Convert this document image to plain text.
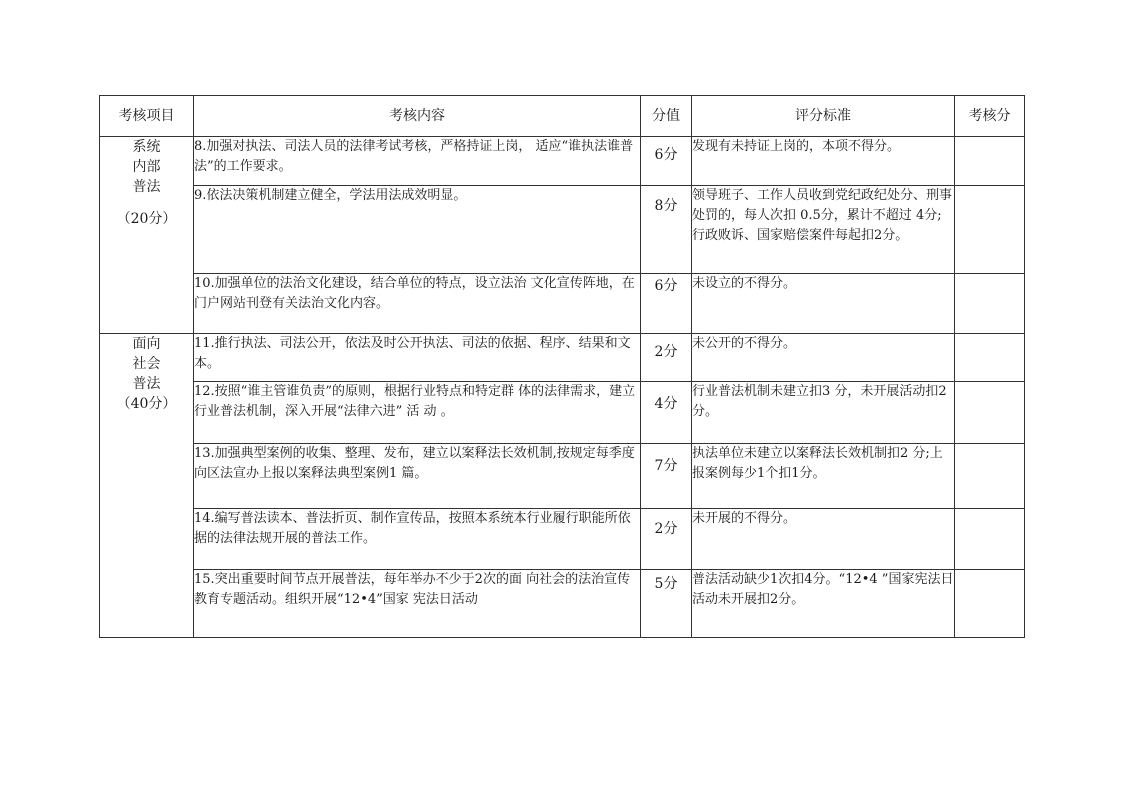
考核项目	考核内容	分值	评分标准	考核分

系统
内部
普法
（20分）	8.加强对执法、司法人员的法律考试考核，严格持证上岗， 适应“谁执法谁普法”的工作要求。	6分	发现有未持证上岗的，本项不得分。	
	9.依法决策机制建立健全，学法用法成效明显。	8分	领导班子、工作人员收到党纪政纪处分、刑事处罚的，每人次扣 0.5分，累计不超过 4分;行政败诉、国家赔偿案件每起扣2分。	
	10.加强单位的法治文化建设，结合单位的特点，设立法治 文化宣传阵地，在门户网站刊登有关法治文化内容。	6分	未设立的不得分。	

面向
社会
普法
（40分）	11.推行执法、司法公开，依法及时公开执法、司法的依据、程序、结果和文本。	2分	未公开的不得分。	
	12.按照“谁主管谁负责”的原则，根据行业特点和特定群 体的法律需求，建立行业普法机制，深入开展“法律六进” 活 动 。	4分	行业普法机制未建立扣3 分，未开展活动扣2分。	
	13.加强典型案例的收集、整理、发布，建立以案释法长效机制,按规定每季度向区法宣办上报以案释法典型案例1 篇。	7分	执法单位未建立以案释法长效机制扣2 分;上报案例每少1个扣1分。	
	14.编写普法读本、普法折页、制作宣传品，按照本系统本行业履行职能所依据的法律法规开展的普法工作。	2分	未开展的不得分。	
	15.突出重要时间节点开展普法，每年举办不少于2次的面 向社会的法治宣传教育专题活动。组织开展“12•4”国家 宪法日活动	5分	普法活动缺少1次扣4分。“12•4 ”国家宪法日活动未开展扣2分。	
